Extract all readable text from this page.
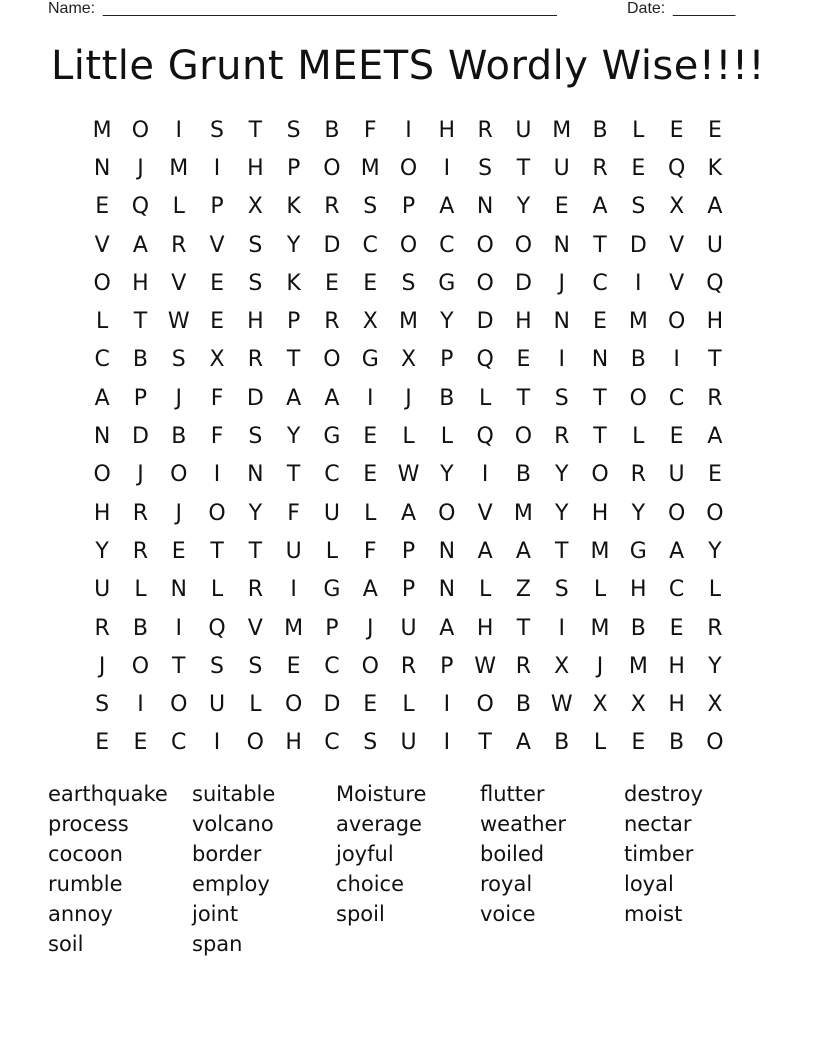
Name: ___________________________________________________	Date: _______
Little Grunt MEETS Wordly Wise!!!!
M O	I	S	T	S	B	F	I	H	R	U M B	L	E	E
N	J	M	I	H	P	O M O	I	S	T	U	R	E	Q	K
E	Q	L	P	X	K	R	S	P	A	N	Y	E	A	S	X	A
V	A	R	V	S	Y	D	C O C O O N	T	D	V	U
O H	V	E	S	K	E	E	S	G O D	J	C	I	V	Q
L	T W E	H	P	R	X M	Y	D H N	E M O H
C	B	S	X	R	T	O G	X	P	Q	E	I	N	B	I	T
A	P	J	F	D	A	A	I	J	B	L	T	S	T	O C	R
N D	B	F	S	Y	G	E	L	L	Q O R	T	L	E	A
O	J	O	I	N	T	C	E W Y	I	B	Y	O R	U	E
H	R	J	O	Y	F	U	L	A	O	V M	Y	H	Y	O O
Y	R	E	T	T	U	L	F	P	N	A	A	T	M G	A	Y
U	L	N	L	R	I	G	A	P	N	L	Z	S	L	H	C	L
R	B	I	Q	V M	P	J	U	A	H	T	I	M B	E	R
J	O	T	S	S	E	C O R	P W R	X	J	M H	Y
S	I	O U	L	O D	E	L	I	O	B W X	X	H	X
E	E	C	I	O H	C	S	U	I	T	A	B	L	E	B	O
earthquake	suitable	Moisture	flutter	destroy
process	volcano	average	weather	nectar
cocoon	border	joyful	boiled	timber
rumble	employ	choice	royal	loyal
annoy	joint	spoil	voice	moist
soil	span
